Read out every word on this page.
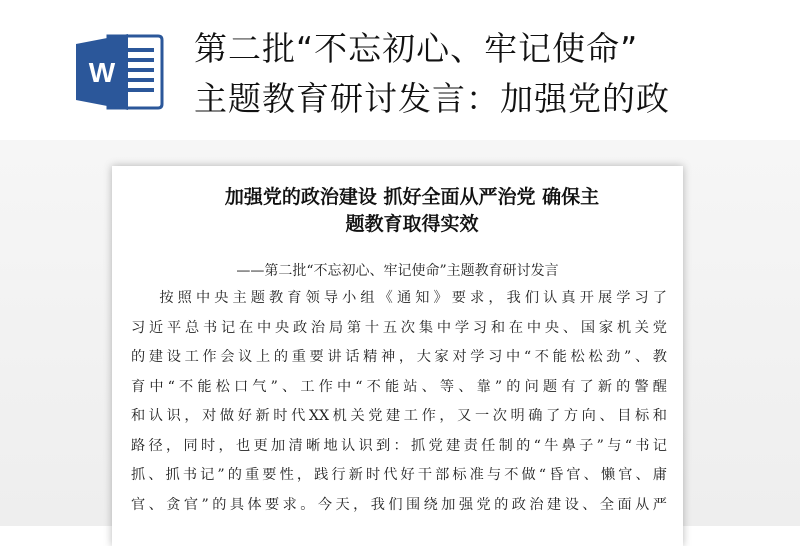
W
第二批“不忘初心、牢记使命”
主题教育研讨发言：加强党的政
加强党的政治建设 抓好全面从严治党 确保主
题教育取得实效
——第二批“不忘初心、牢记使命”主题教育研讨发言
按照中央主题教育领导小组《通知》要求，我们认真开展学习了
习近平总书记在中央政治局第十五次集中学习和在中央、国家机关党
的建设工作会议上的重要讲话精神，大家对学习中“不能松松劲”、教
育中“不能松口气”、工作中“不能站、等、靠”的问题有了新的警醒
和认识，对做好新时代XX机关党建工作，又一次明确了方向、目标和
路径，同时，也更加清晰地认识到：抓党建责任制的“牛鼻子”与“书记
抓、抓书记”的重要性，践行新时代好干部标准与不做“昏官、懒官、庸
官、贪官”的具体要求。今天，我们围绕加强党的政治建设、全面从严
